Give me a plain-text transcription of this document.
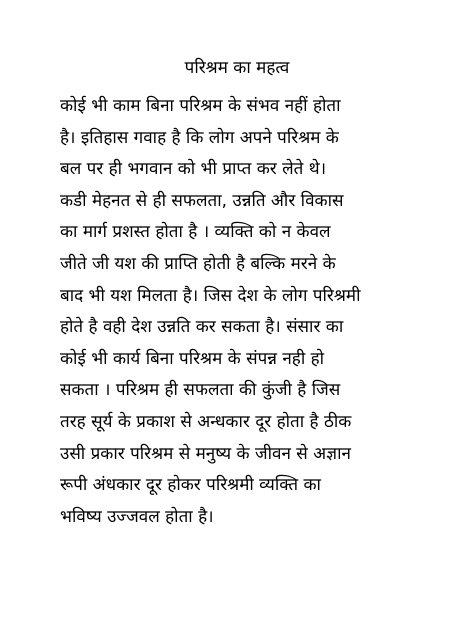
परिश्रम का महत्व
कोई भी काम बिना परिश्रम के संभव नहीं होता
है। इतिहास गवाह है कि लोग अपने परिश्रम के
बल पर ही भगवान को भी प्राप्त कर लेते थे।
कडी मेहनत से ही सफलता, उन्नति और विकास
का मार्ग प्रशस्त होता है । व्यक्ति को न केवल
जीते जी यश की प्राप्ति होती है बल्कि मरने के
बाद भी यश मिलता है। जिस देश के लोग परिश्रमी
होते है वही देश उन्नति कर सकता है। संसार का
कोई भी कार्य बिना परिश्रम के संपन्न नही हो
सकता । परिश्रम ही सफलता की कुंजी है जिस
तरह सूर्य के प्रकाश से अन्धकार दूर होता है ठीक
उसी प्रकार परिश्रम से मनुष्य के जीवन से अज्ञान
रूपी अंधकार दूर होकर परिश्रमी व्यक्ति का
भविष्य उज्जवल होता है।
